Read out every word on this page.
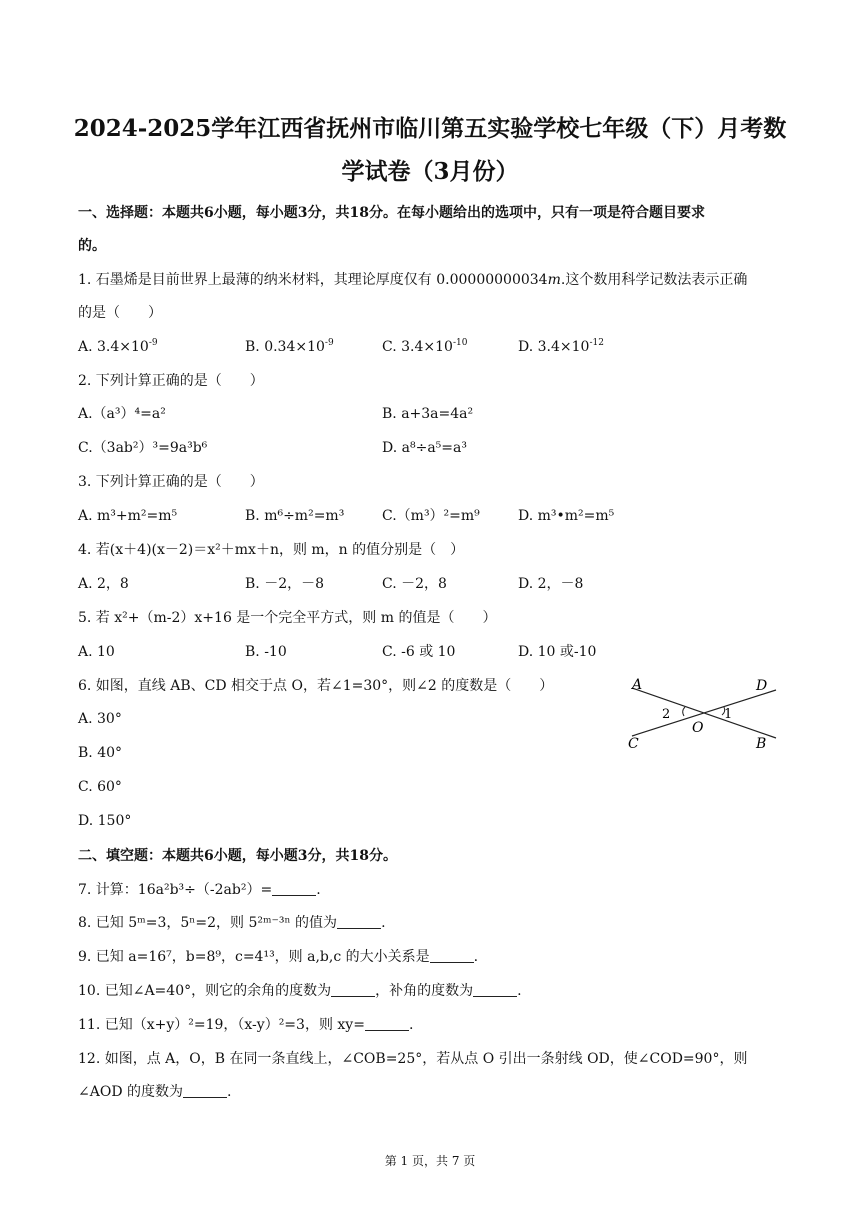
2024-2025学年江西省抚州市临川第五实验学校七年级（下）月考数
学试卷（3月份）
一、选择题：本题共6小题，每小题3分，共18分。在每小题给出的选项中，只有一项是符合题目要求
的。
1. 石墨烯是目前世界上最薄的纳米材料，其理论厚度仅有 0.00000000034m.这个数用科学记数法表示正确
的是（　　）
A. $3.4\times 10^{-9}$	B. $0.34\times 10^{-9}$	C. $3.4\times 10^{-10}$	D. $3.4\times 10^{-12}$
2. 下列计算正确的是（　　）
A.（a³）⁴=a²	B. a+3a=4a²
C.（3ab²）³=9a³b⁶	D. a⁸÷a⁵=a³
3. 下列计算正确的是（　　）
A. m³+m²=m⁵	B. m⁶÷m²=m³	C.（m³）²=m⁹	D. m³•m²=m⁵
4. 若(x＋4)(x－2)＝x²＋mx＋n，则 m，n 的值分别是（　）
A. 2，8	B. －2，－8	C. －2，8	D. 2，－8
5. 若 x²+（m-2）x+16 是一个完全平方式，则 m 的值是（　　）
A. 10	B. -10	C. -6 或 10	D. 10 或-10
6. 如图，直线 AB、CD 相交于点 O，若∠1=30°，则∠2 的度数是（　　）
A. 30°
B. 40°
C. 60°
D. 150°
A	D
C	B
O
2	1
二、填空题：本题共6小题，每小题3分，共18分。
7. 计算：16a²b³÷（-2ab²）=	.
8. 已知 5ᵐ=3，5ⁿ=2，则 5²ᵐ⁻³ⁿ 的值为	.
9. 已知 a=16⁷，b=8⁹，c=4¹³，则 a,b,c 的大小关系是	.
10. 已知∠A=40°，则它的余角的度数为	，补角的度数为	.
11. 已知（x+y）²=19，（x-y）²=3，则 xy=	.
12. 如图，点 A，O，B 在同一条直线上，∠COB=25°，若从点 O 引出一条射线 OD，使∠COD=90°，则
∠AOD 的度数为	.
第 1 页，共 7 页
